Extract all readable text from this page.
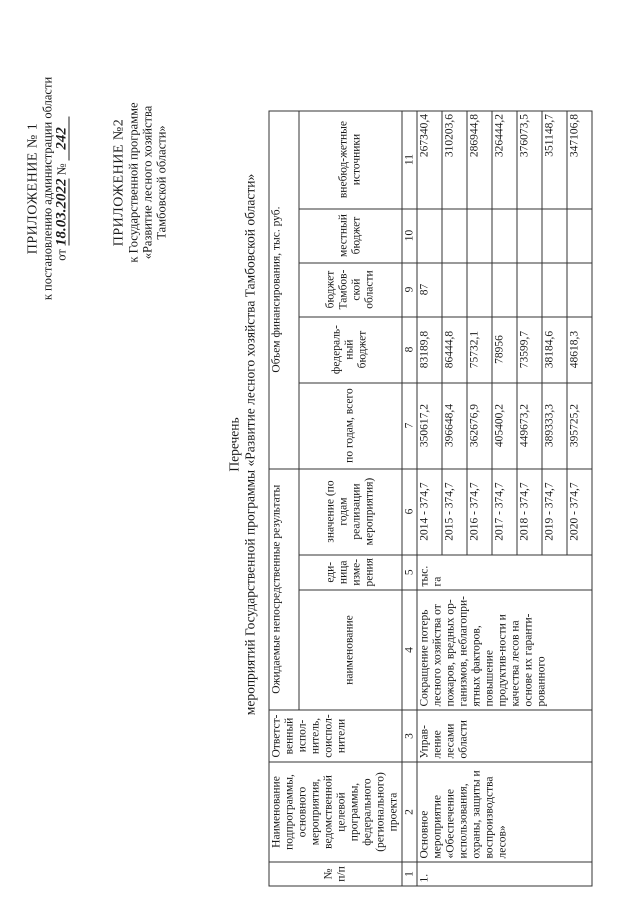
ПРИЛОЖЕНИЕ № 1 к постановлению администрации области от 18.03.2022 № 242	ПРИЛОЖЕНИЕ №2 к Государственной программе «Развитие лесного хозяйства Тамбовской области»
Перечень мероприятий Государственной программы «Развитие лесного хозяйства Тамбовской области»
№ п/п	Наименование подпрограммы, основного мероприятия, ведомственной целевой программы, федерального (регионального) проекта	Ответст-венный испол-нитель, соиспол-нители	Ожидаемые непосредственные результаты			Объем финансирования, тыс. руб.				
			наименование	еди-ница изме-рения	значение (по годам реализации мероприятия)	по годам, всего	федераль-ный бюджет	бюджет Тамбов-ской области	местный бюджет	внебюд-жетные источники
1	2	3	4	5	6	7	8	9	10	11
1.	Основное мероприятие «Обеспечение использования, охраны, защиты и воспроизводства лесов»	Управ-ление лесами области	Сокращение потерь лесного хозяйства от пожаров, вредных ор-ганизмов, неблагопри-ятных факторов, повышение продуктив-ности и качества лесов на основе их гаранти-рованного	тыс. га	2014 - 374,7	350617,2	83189,8	87		267340,4
					2015 - 374,7	396648,4	86444,8			310203,6
					2016 - 374,7	362676,9	75732,1			286944,8
					2017 - 374,7	405400,2	78956			326444,2
					2018 - 374,7	449673,2	73599,7			376073,5
					2019 - 374,7	389333,3	38184,6			351148,7
					2020 - 374,7	395725,2	48618,3			347106,8
